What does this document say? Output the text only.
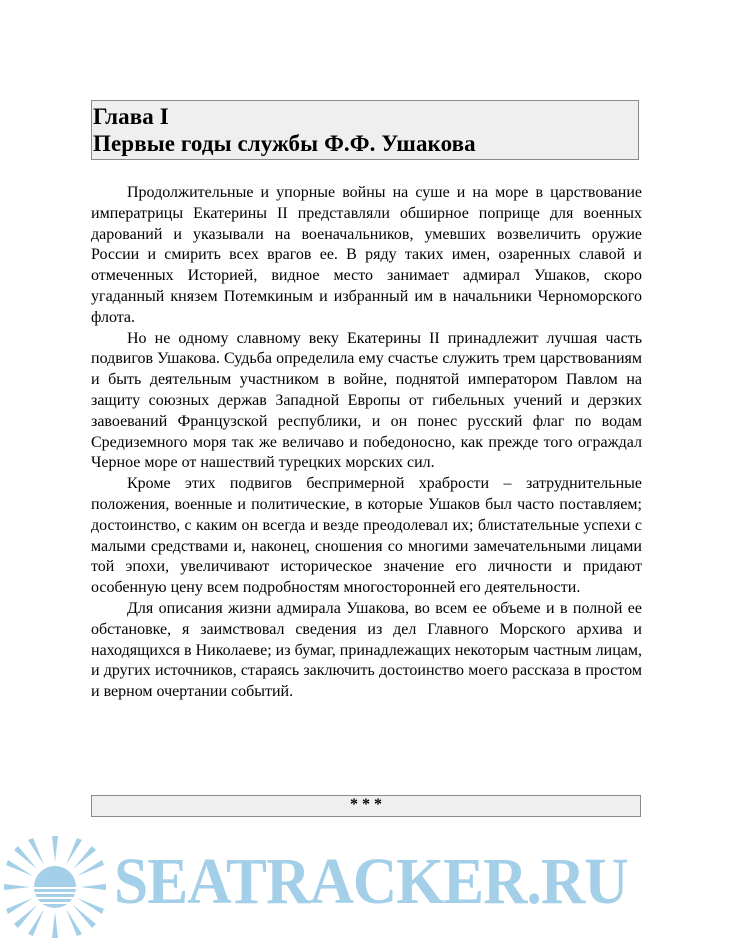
Глава I
Первые годы службы Ф.Ф. Ушакова

Продолжительные и упорные войны на суше и на море в царствование императрицы Екатерины II представляли обширное поприще для военных дарований и указывали на военачальников, умевших возвеличить оружие России и смирить всех врагов ее. В ряду таких имен, озаренных славой и отмеченных Историей, видное место занимает адмирал Ушаков, скоро угаданный князем Потемкиным и избранный им в начальники Черноморского флота.

Но не одному славному веку Екатерины II принадлежит лучшая часть подвигов Ушакова. Судьба определила ему счастье служить трем царствованиям и быть деятельным участником в войне, поднятой императором Павлом на защиту союзных держав Западной Европы от гибельных учений и дерзких завоеваний Французской республики, и он понес русский флаг по водам Средиземного моря так же величаво и победоносно, как прежде того ограждал Черное море от нашествий турецких морских сил.

Кроме этих подвигов беспримерной храбрости – затруднительные положения, военные и политические, в которые Ушаков был часто поставляем; достоинство, с каким он всегда и везде преодолевал их; блистательные успехи с малыми средствами и, наконец, сношения со многими замечательными лицами той эпохи, увеличивают историческое значение его личности и придают особенную цену всем подробностям многосторонней его деятельности.

Для описания жизни адмирала Ушакова, во всем ее объеме и в полной ее обстановке, я заимствовал сведения из дел Главного Морского архива и находящихся в Николаеве; из бумаг, принадлежащих некоторым частным лицам, и других источников, стараясь заключить достоинство моего рассказа в простом и верном очертании событий.

* * *
SEATRACKER.RU
